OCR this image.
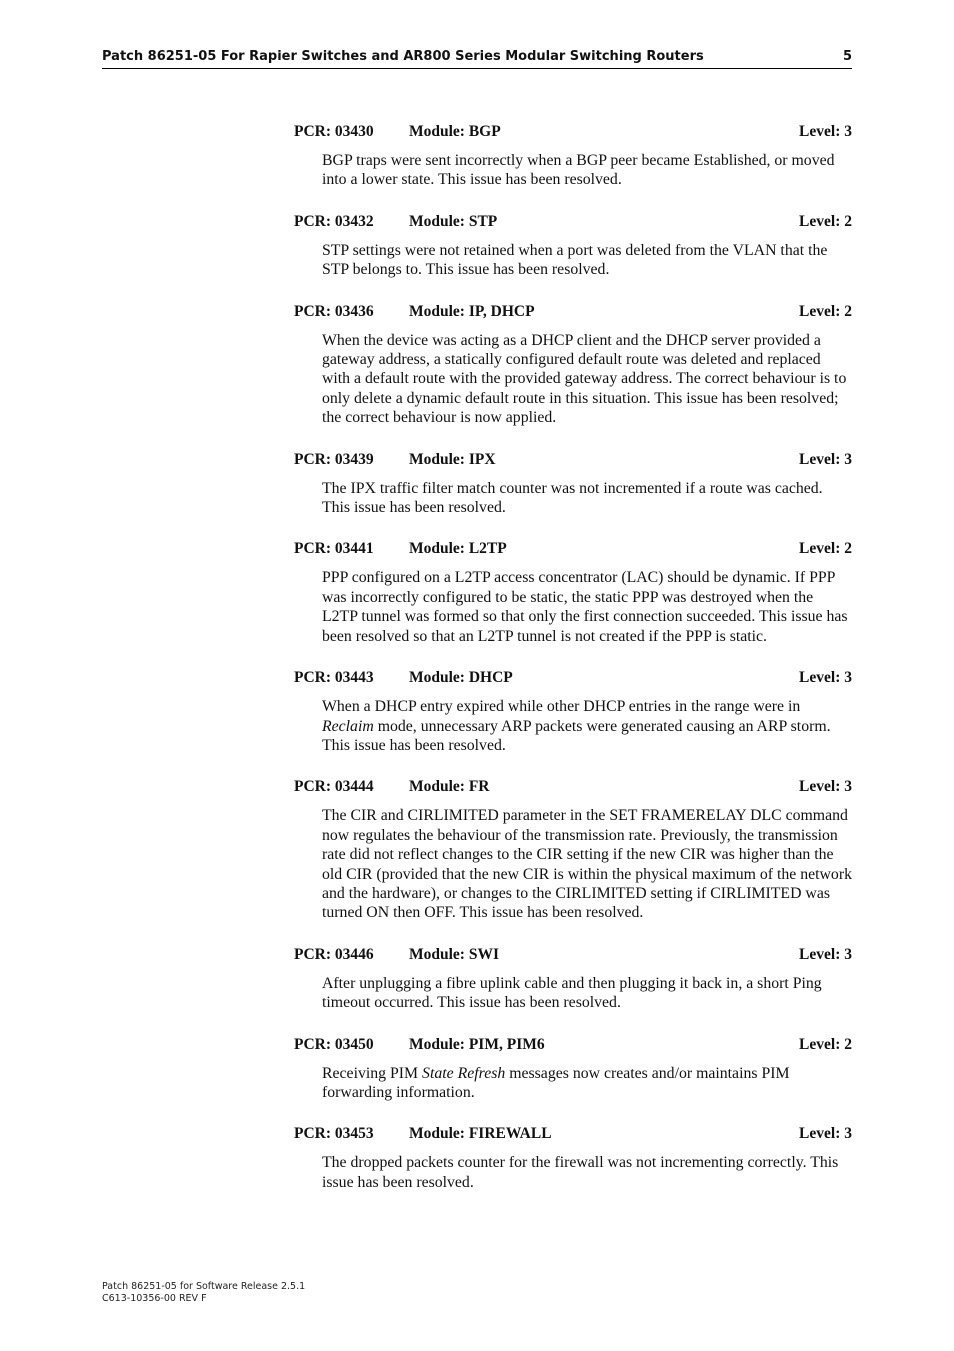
Patch 86251-05 For Rapier Switches and AR800 Series Modular Switching Routers	5
PCR: 03430 Module: BGP	Level: 3
BGP traps were sent incorrectly when a BGP peer became Established, or moved into a lower state. This issue has been resolved.
PCR: 03432 Module: STP	Level: 2
STP settings were not retained when a port was deleted from the VLAN that the STP belongs to. This issue has been resolved.
PCR: 03436 Module: IP, DHCP	Level: 2
When the device was acting as a DHCP client and the DHCP server provided a gateway address, a statically configured default route was deleted and replaced with a default route with the provided gateway address. The correct behaviour is to only delete a dynamic default route in this situation. This issue has been resolved; the correct behaviour is now applied.
PCR: 03439 Module: IPX	Level: 3
The IPX traffic filter match counter was not incremented if a route was cached. This issue has been resolved.
PCR: 03441 Module: L2TP	Level: 2
PPP configured on a L2TP access concentrator (LAC) should be dynamic. If PPP was incorrectly configured to be static, the static PPP was destroyed when the L2TP tunnel was formed so that only the first connection succeeded. This issue has been resolved so that an L2TP tunnel is not created if the PPP is static.
PCR: 03443 Module: DHCP	Level: 3
When a DHCP entry expired while other DHCP entries in the range were in Reclaim mode, unnecessary ARP packets were generated causing an ARP storm. This issue has been resolved.
PCR: 03444 Module: FR	Level: 3
The CIR and CIRLIMITED parameter in the SET FRAMERELAY DLC command now regulates the behaviour of the transmission rate. Previously, the transmission rate did not reflect changes to the CIR setting if the new CIR was higher than the old CIR (provided that the new CIR is within the physical maximum of the network and the hardware), or changes to the CIRLIMITED setting if CIRLIMITED was turned ON then OFF. This issue has been resolved.
PCR: 03446 Module: SWI	Level: 3
After unplugging a fibre uplink cable and then plugging it back in, a short Ping timeout occurred. This issue has been resolved.
PCR: 03450 Module: PIM, PIM6	Level: 2
Receiving PIM State Refresh messages now creates and/or maintains PIM forwarding information.
PCR: 03453 Module: FIREWALL	Level: 3
The dropped packets counter for the firewall was not incrementing correctly. This issue has been resolved.
Patch 86251-05 for Software Release 2.5.1
C613-10356-00 REV F
